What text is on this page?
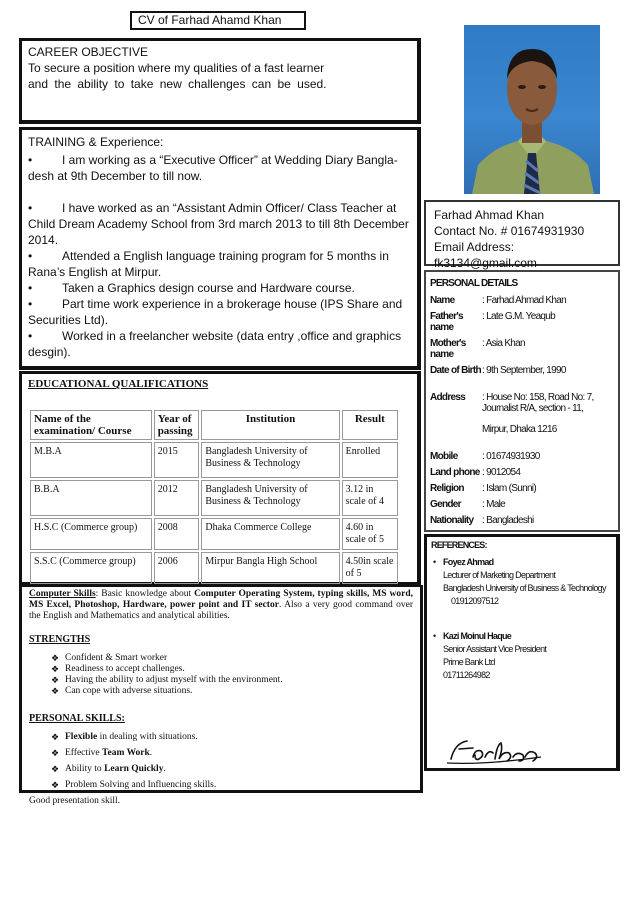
CV of Farhad Ahamd Khan
CAREER OBJECTIVE
To secure a position where my qualities of a fast learner
and the ability to take new challenges can be used.
TRAINING & Experience:
• I am working as a “Executive Officer” at Wedding Diary Bangla-
desh at 9th December to till now.
• I have worked as an “Assistant Admin Officer/ Class Teacher at
Child Dream Academy School from 3rd march 2013 to till 8th December 2014.
• Attended a English language training program for 5 months in
Rana’s English at Mirpur.
• Taken a Graphics design course and Hardware course.
• Part time work experience in a brokerage house (IPS Share and
Securities Ltd).
• Worked in a freelancher website (data entry ,office and graphics
desgin).
Farhad Ahmad Khan
Contact No. # 01674931930
Email Address: fk3134@gmail.com
PERSONAL DETAILS
Name	: Farhad Ahmad Khan
Father's name
: Late G.M. Yeaqub
Mother's name
: Asia Khan
Date of Birth : 9th September, 1990
Address	: House No: 158, Road No: 7, Journalist R/A, section - 11,
Mirpur, Dhaka 1216
Mobile	: 01674931930
Land phone : 9012054
Religion	: Islam (Sunni)
Gender	: Male
Nationality : Bangladeshi
EDUCATIONAL QUALIFICATIONS
Name of the examination/ Course	Year of passing	Institution	Result
M.B.A	2015	Bangladesh University of Business & Technology	Enrolled
B.B.A	2012	Bangladesh University of Business & Technology	3.12 in scale of 4
H.S.C (Commerce group)	2008	Dhaka Commerce College	4.60 in scale of 5
S.S.C (Commerce group)	2006	Mirpur Bangla High School	4.50in scale of 5
Computer Skills: Basic knowledge about Computer Operating System, typing skills, MS word, MS Excel, Photoshop, Hardware, power point and IT sector. Also a very good command over the English and Mathematics and analytical abilities.
STRENGTHS
❖ Confident & Smart worker
❖ Readiness to accept challenges.
❖ Having the ability to adjust myself with the environment.
❖ Can cope with adverse situations.
PERSONAL SKILLS:
❖ Flexible in dealing with situations.
❖ Effective Team Work.
❖ Ability to Learn Quickly.
❖ Problem Solving and Influencing skills.
Good presentation skill.
REFERENCES:
• Foyez Ahmad
Lecturer of Marketing Department
Bangladesh University of Business & Technology
01912097512
• Kazi Moinul Haque
Senior Assistant Vice President
Prime Bank Ltd
01711264982
